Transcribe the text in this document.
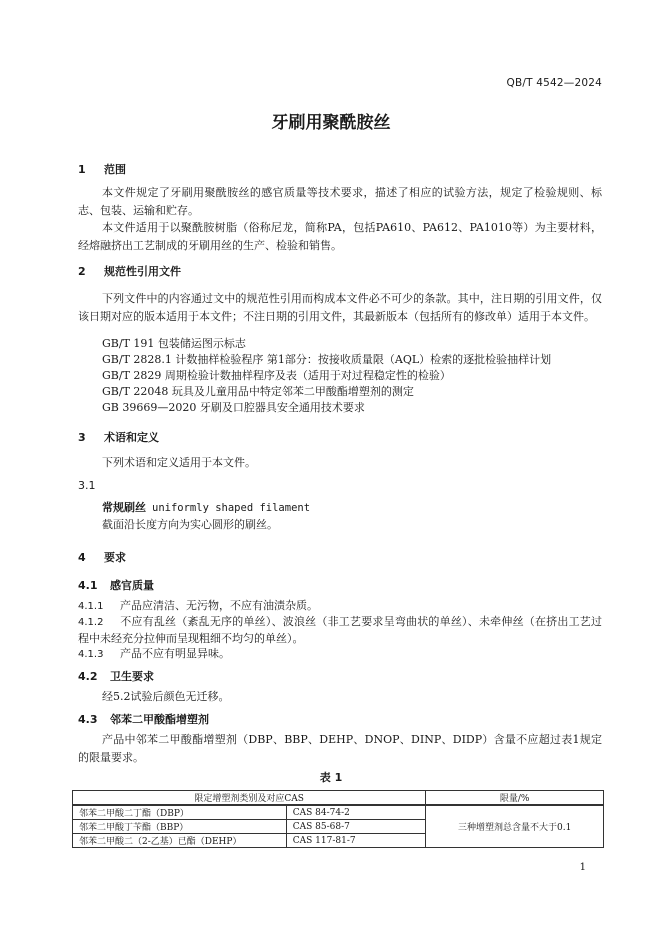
QB/T 4542—2024
牙刷用聚酰胺丝
1 范围
本文件规定了牙刷用聚酰胺丝的感官质量等技术要求，描述了相应的试验方法，规定了检验规则、标志、包装、运输和贮存。
本文件适用于以聚酰胺树脂（俗称尼龙，简称PA，包括PA610、PA612、PA1010等）为主要材料，经熔融挤出工艺制成的牙刷用丝的生产、检验和销售。
2 规范性引用文件
下列文件中的内容通过文中的规范性引用而构成本文件必不可少的条款。其中，注日期的引用文件，仅该日期对应的版本适用于本文件；不注日期的引用文件，其最新版本（包括所有的修改单）适用于本文件。
GB/T 191 包装储运图示标志
GB/T 2828.1 计数抽样检验程序 第1部分：按接收质量限（AQL）检索的逐批检验抽样计划
GB/T 2829 周期检验计数抽样程序及表（适用于对过程稳定性的检验）
GB/T 22048 玩具及儿童用品中特定邻苯二甲酸酯增塑剂的测定
GB 39669—2020 牙刷及口腔器具安全通用技术要求
3 术语和定义
下列术语和定义适用于本文件。
3.1
常规刷丝 uniformly shaped filament
截面沿长度方向为实心圆形的刷丝。
4 要求
4.1 感官质量
4.1.1 产品应清洁、无污物，不应有油渍杂质。
4.1.2 不应有乱丝（紊乱无序的单丝）、波浪丝（非工艺要求呈弯曲状的单丝）、未牵伸丝（在挤出工艺过程中未经充分拉伸而呈现粗细不均匀的单丝）。
4.1.3 产品不应有明显异味。
4.2 卫生要求
经5.2试验后颜色无迁移。
4.3 邻苯二甲酸酯增塑剂
产品中邻苯二甲酸酯增塑剂（DBP、BBP、DEHP、DNOP、DINP、DIDP）含量不应超过表1规定的限量要求。
表 1
限定增塑剂类别及对应CAS		限量/%
邻苯二甲酸二丁酯（DBP）	CAS 84-74-2	三种增塑剂总含量不大于0.1
邻苯二甲酸丁苄酯（BBP）	CAS 85-68-7	
邻苯二甲酸二（2-乙基）已酯（DEHP）	CAS 117-81-7	
1
